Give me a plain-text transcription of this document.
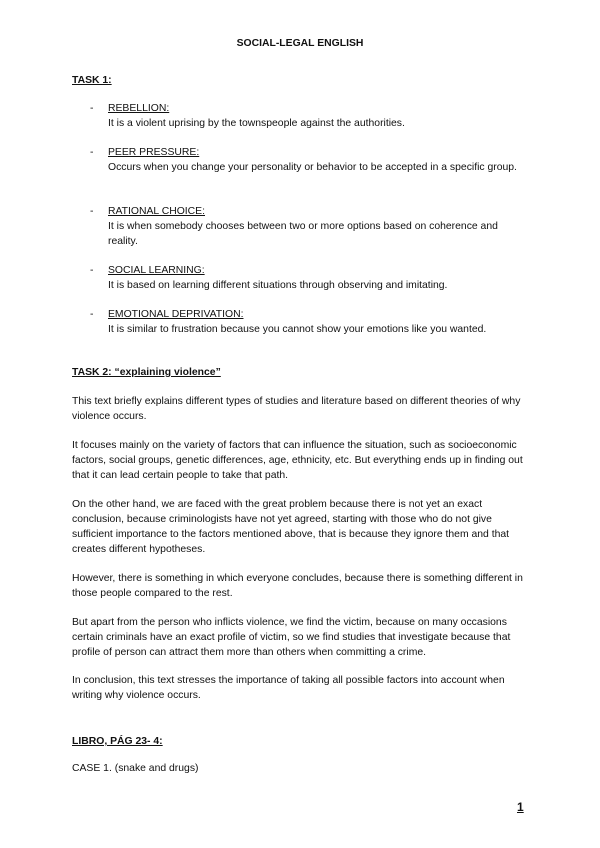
SOCIAL-LEGAL ENGLISH
TASK 1:
- REBELLION:
It is a violent uprising by the townspeople against the authorities.
- PEER PRESSURE:
Occurs when you change your personality or behavior to be accepted in a specific group.
- RATIONAL CHOICE:
It is when somebody chooses between two or more options based on coherence and reality.
- SOCIAL LEARNING:
It is based on learning different situations through observing and imitating.
- EMOTIONAL DEPRIVATION:
It is similar to frustration because you cannot show your emotions like you wanted.
TASK 2: “explaining violence”
This text briefly explains different types of studies and literature based on different theories of why violence occurs.
It focuses mainly on the variety of factors that can influence the situation, such as socioeconomic factors, social groups, genetic differences, age, ethnicity, etc. But everything ends up in finding out that it can lead certain people to take that path.
On the other hand, we are faced with the great problem because there is not yet an exact conclusion, because criminologists have not yet agreed, starting with those who do not give sufficient importance to the factors mentioned above, that is because they ignore them and that creates different hypotheses.
However, there is something in which everyone concludes, because there is something different in those people compared to the rest.
But apart from the person who inflicts violence, we find the victim, because on many occasions certain criminals have an exact profile of victim, so we find studies that investigate because that profile of person can attract them more than others when committing a crime.
In conclusion, this text stresses the importance of taking all possible factors into account when writing why violence occurs.
LIBRO, PÁG 23- 4:
CASE 1. (snake and drugs)
1
